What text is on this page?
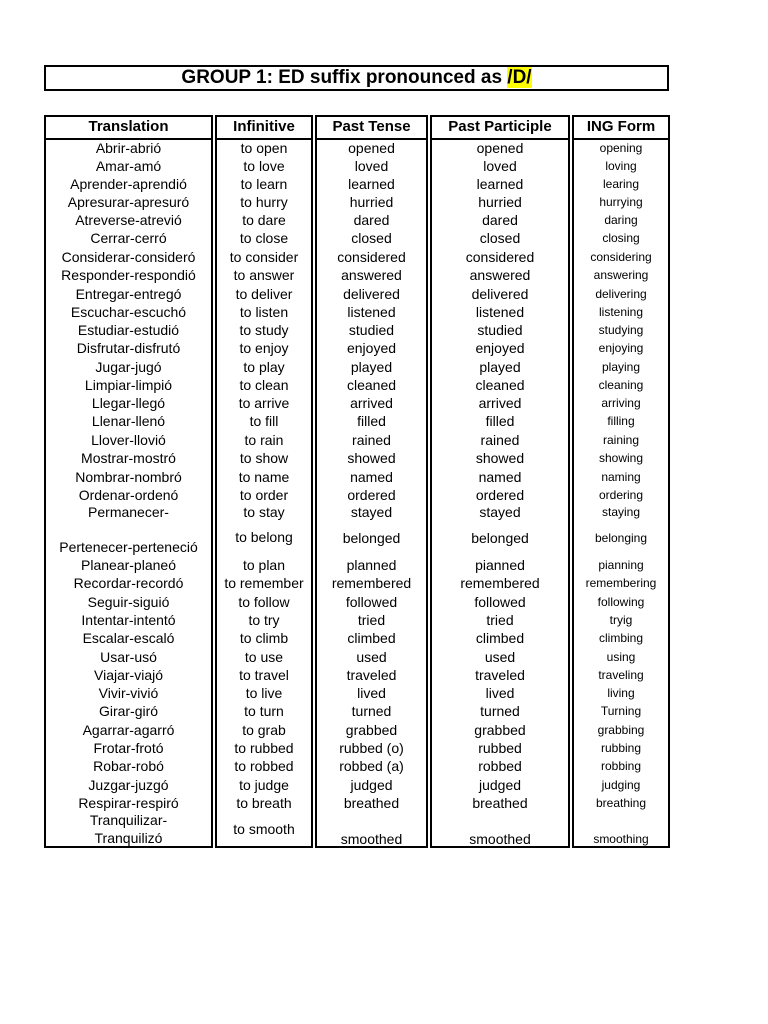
GROUP 1: ED suffix pronounced as /D/
Translation
Abrir-abrió
Amar-amó
Aprender-aprendió
Apresurar-apresuró
Atreverse-atrevió
Cerrar-cerró
Considerar-consideró
Responder-respondió
Entregar-entregó
Escuchar-escuchó
Estudiar-estudió
Disfrutar-disfrutó
Jugar-jugó
Limpiar-limpió
Llegar-llegó
Llenar-llenó
Llover-llovió
Mostrar-mostró
Nombrar-nombró
Ordenar-ordenó
Permanecer-
Pertenecer-perteneció
Planear-planeó
Recordar-recordó
Seguir-siguió
Intentar-intentó
Escalar-escaló
Usar-usó
Viajar-viajó
Vivir-vivió
Girar-giró
Agarrar-agarró
Frotar-frotó
Robar-robó
Juzgar-juzgó
Respirar-respiró
Tranquilizar-
Tranquilizó
Infinitive
to open
to love
to learn
to hurry
to dare
to close
to consider
to answer
to deliver
to listen
to study
to enjoy
to play
to clean
to arrive
to fill
to rain
to show
to name
to order
to stay
to belong
to plan
to remember
to follow
to try
to climb
to use
to travel
to live
to turn
to grab
to rubbed
to robbed
to judge
to breath
to smooth
Past Tense
opened
loved
learned
hurried
dared
closed
considered
answered
delivered
listened
studied
enjoyed
played
cleaned
arrived
filled
rained
showed
named
ordered
stayed
belonged
planned
remembered
followed
tried
climbed
used
traveled
lived
turned
grabbed
rubbed (o)
robbed (a)
judged
breathed
smoothed
Past Participle
opened
loved
learned
hurried
dared
closed
considered
answered
delivered
listened
studied
enjoyed
played
cleaned
arrived
filled
rained
showed
named
ordered
stayed
belonged
pianned
remembered
followed
tried
climbed
used
traveled
lived
turned
grabbed
rubbed
robbed
judged
breathed
smoothed
ING Form
opening
loving
learing
hurrying
daring
closing
considering
answering
delivering
listening
studying
enjoying
playing
cleaning
arriving
filling
raining
showing
naming
ordering
staying
belonging
pianning
remembering
following
tryig
climbing
using
traveling
living
Turning
grabbing
rubbing
robbing
judging
breathing
smoothing
